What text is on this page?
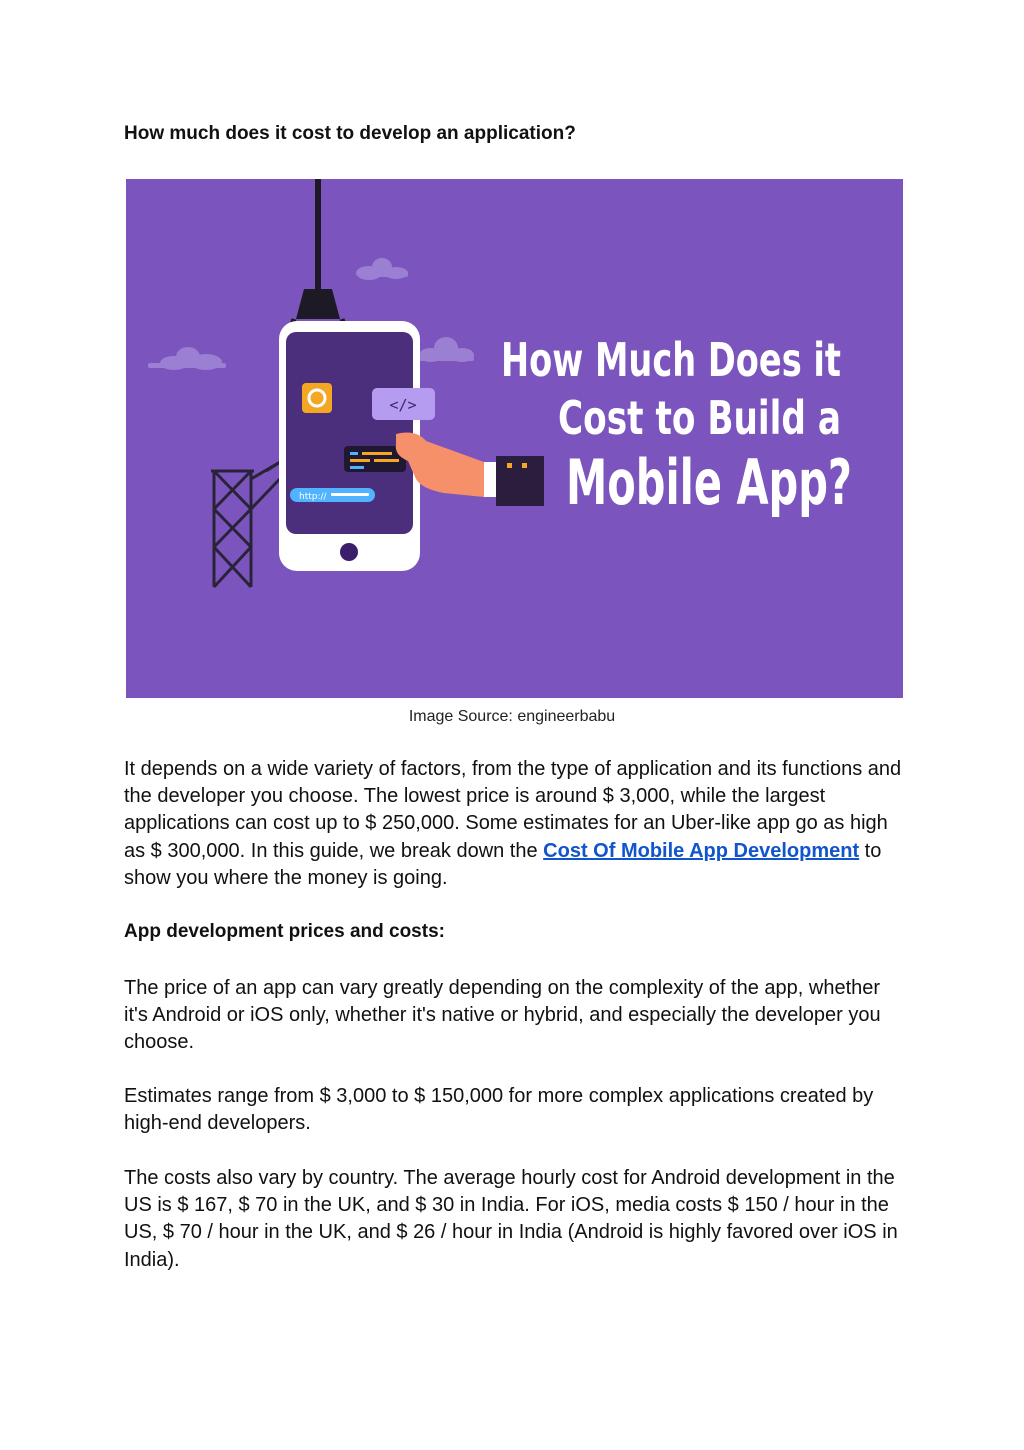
How much does it cost to develop an application?
</>
http://
How Much Does it
Cost to Build a
Mobile App?

Image Source: engineerbabu

It depends on a wide variety of factors, from the type of application and its functions and the developer you choose. The lowest price is around $ 3,000, while the largest applications can cost up to $ 250,000. Some estimates for an Uber-like app go as high as $ 300,000. In this guide, we break down the Cost Of Mobile App Development to show you where the money is going.

App development prices and costs:

The price of an app can vary greatly depending on the complexity of the app, whether it's Android or iOS only, whether it's native or hybrid, and especially the developer you choose.

Estimates range from $ 3,000 to $ 150,000 for more complex applications created by high-end developers.

The costs also vary by country. The average hourly cost for Android development in the US is $ 167, $ 70 in the UK, and $ 30 in India. For iOS, media costs $ 150 / hour in the US, $ 70 / hour in the UK, and $ 26 / hour in India (Android is highly favored over iOS in India).
